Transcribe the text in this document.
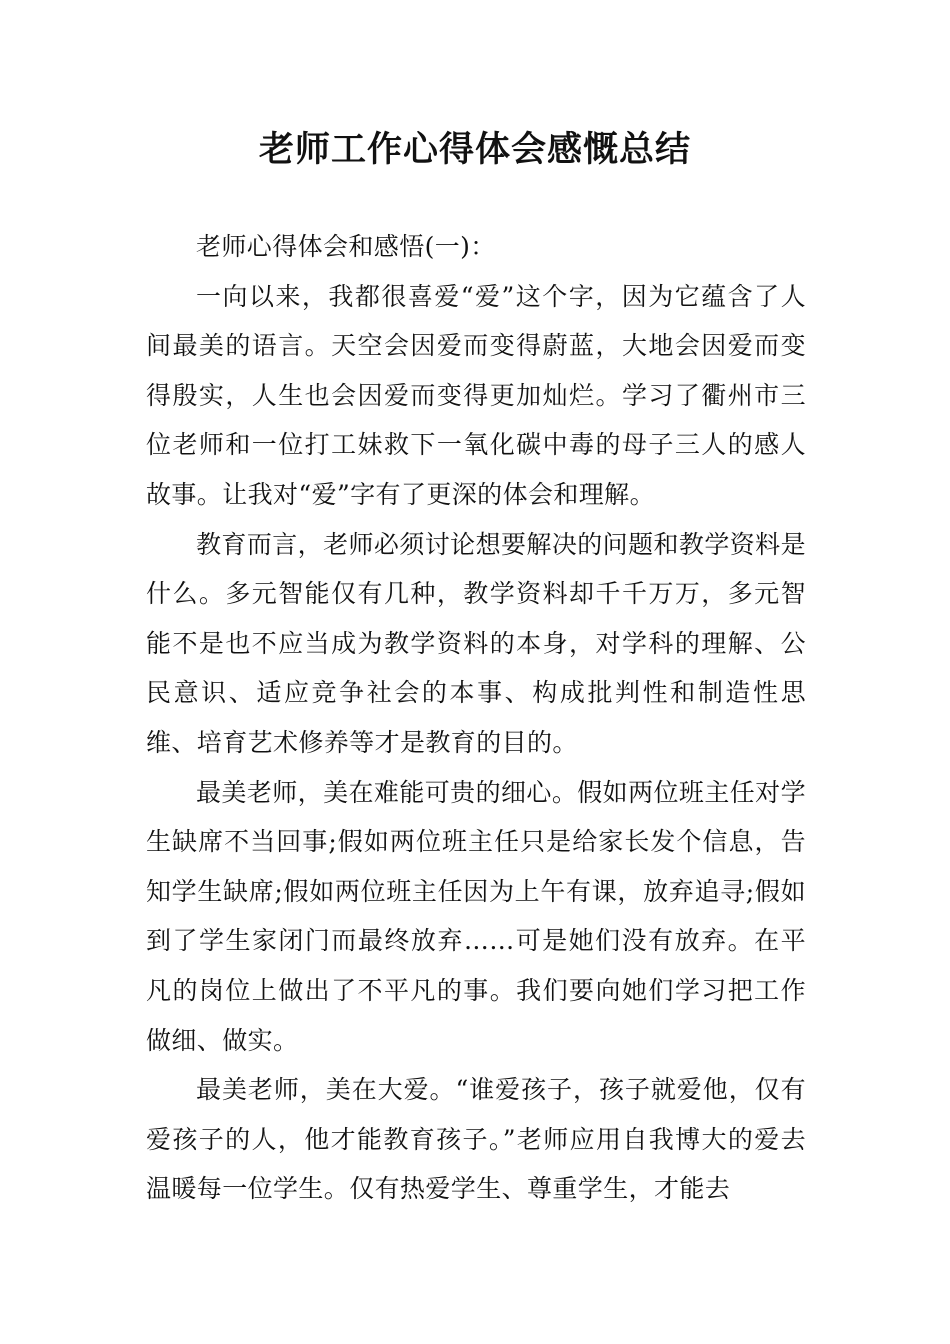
老师工作心得体会感慨总结

老师心得体会和感悟(一)：

一向以来，我都很喜爱“爱”这个字，因为它蕴含了人间最美的语言。天空会因爱而变得蔚蓝，大地会因爱而变得殷实，人生也会因爱而变得更加灿烂。学习了衢州市三位老师和一位打工妹救下一氧化碳中毒的母子三人的感人故事。让我对“爱”字有了更深的体会和理解。

教育而言，老师必须讨论想要解决的问题和教学资料是什么。多元智能仅有几种，教学资料却千千万万，多元智能不是也不应当成为教学资料的本身，对学科的理解、公民意识、适应竞争社会的本事、构成批判性和制造性思维、培育艺术修养等才是教育的目的。

最美老师，美在难能可贵的细心。假如两位班主任对学生缺席不当回事;假如两位班主任只是给家长发个信息，告知学生缺席;假如两位班主任因为上午有课，放弃追寻;假如到了学生家闭门而最终放弃……可是她们没有放弃。在平凡的岗位上做出了不平凡的事。我们要向她们学习把工作做细、做实。

最美老师，美在大爱。“谁爱孩子，孩子就爱他，仅有爱孩子的人，他才能教育孩子。”老师应用自我博大的爱去温暖每一位学生。仅有热爱学生、尊重学生，才能去
